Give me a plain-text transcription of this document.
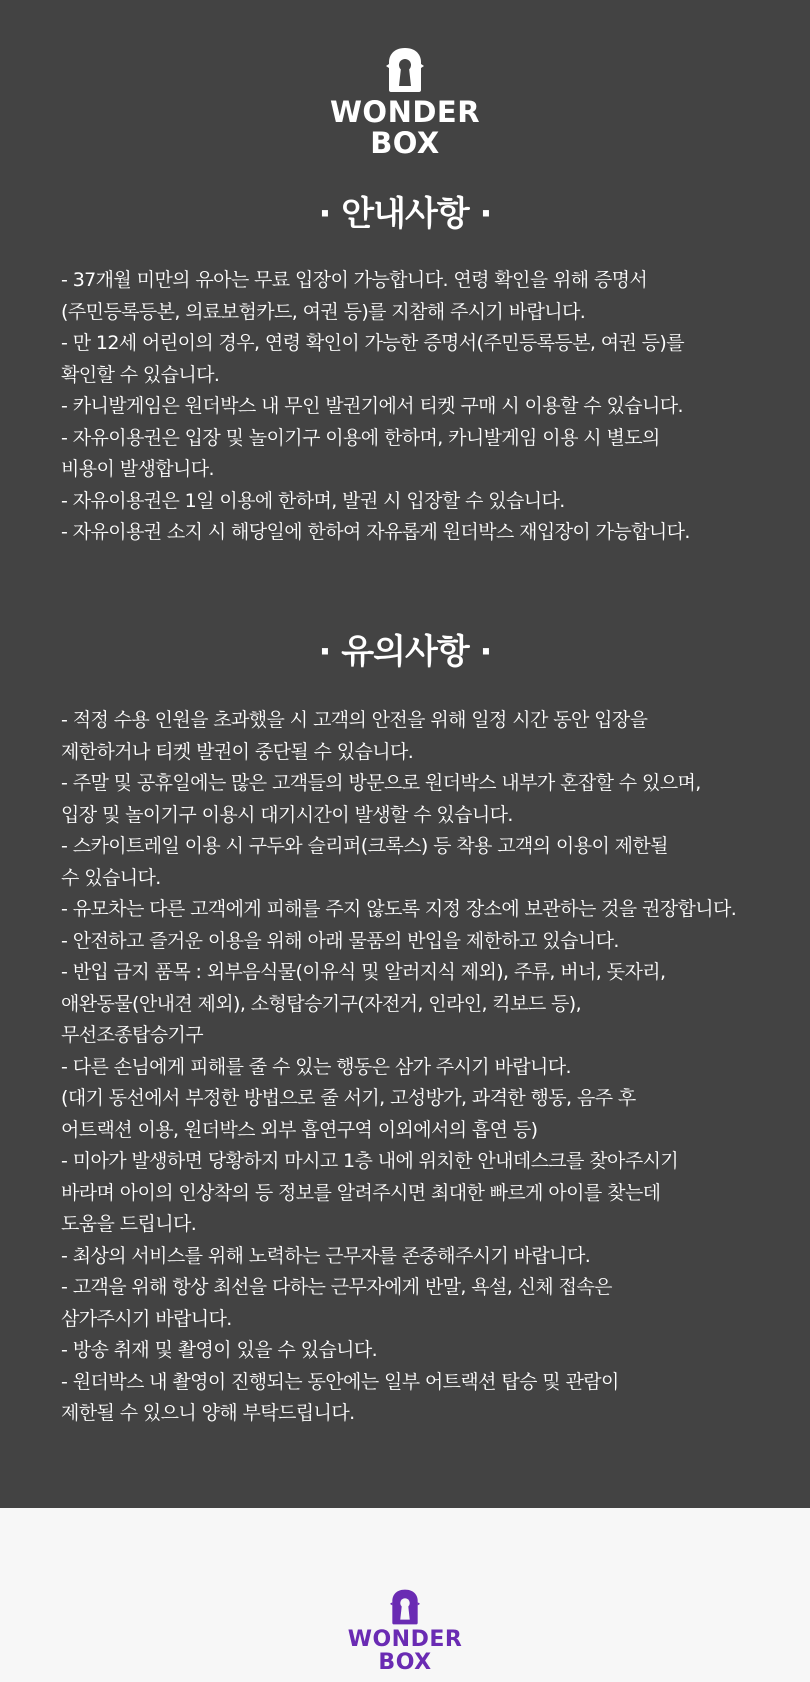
WONDER
BOX
· 안내사항 ·
- 37개월 미만의 유아는 무료 입장이 가능합니다. 연령 확인을 위해 증명서
(주민등록등본, 의료보험카드, 여권 등)를 지참해 주시기 바랍니다.
- 만 12세 어린이의 경우, 연령 확인이 가능한 증명서(주민등록등본, 여권 등)를
확인할 수 있습니다.
- 카니발게임은 원더박스 내 무인 발권기에서 티켓 구매 시 이용할 수 있습니다.
- 자유이용권은 입장 및 놀이기구 이용에 한하며, 카니발게임 이용 시 별도의
비용이 발생합니다.
- 자유이용권은 1일 이용에 한하며, 발권 시 입장할 수 있습니다.
- 자유이용권 소지 시 해당일에 한하여 자유롭게 원더박스 재입장이 가능합니다.
· 유의사항 ·
- 적정 수용 인원을 초과했을 시 고객의 안전을 위해 일정 시간 동안 입장을
제한하거나 티켓 발권이 중단될 수 있습니다.
- 주말 및 공휴일에는 많은 고객들의 방문으로 원더박스 내부가 혼잡할 수 있으며,
입장 및 놀이기구 이용시 대기시간이 발생할 수 있습니다.
- 스카이트레일 이용 시 구두와 슬리퍼(크록스) 등 착용 고객의 이용이 제한될
수 있습니다.
- 유모차는 다른 고객에게 피해를 주지 않도록 지정 장소에 보관하는 것을 권장합니다.
- 안전하고 즐거운 이용을 위해 아래 물품의 반입을 제한하고 있습니다.
- 반입 금지 품목 : 외부음식물(이유식 및 알러지식 제외), 주류, 버너, 돗자리,
애완동물(안내견 제외), 소형탑승기구(자전거, 인라인, 킥보드 등),
무선조종탑승기구
- 다른 손님에게 피해를 줄 수 있는 행동은 삼가 주시기 바랍니다.
(대기 동선에서 부정한 방법으로 줄 서기, 고성방가, 과격한 행동, 음주 후
어트랙션 이용, 원더박스 외부 흡연구역 이외에서의 흡연 등)
- 미아가 발생하면 당황하지 마시고 1층 내에 위치한 안내데스크를 찾아주시기
바라며 아이의 인상착의 등 정보를 알려주시면 최대한 빠르게 아이를 찾는데
도움을 드립니다.
- 최상의 서비스를 위해 노력하는 근무자를 존중해주시기 바랍니다.
- 고객을 위해 항상 최선을 다하는 근무자에게 반말, 욕설, 신체 접속은
삼가주시기 바랍니다.
- 방송 취재 및 촬영이 있을 수 있습니다.
- 원더박스 내 촬영이 진행되는 동안에는 일부 어트랙션 탑승 및 관람이
제한될 수 있으니 양해 부탁드립니다.
WONDER
BOX
